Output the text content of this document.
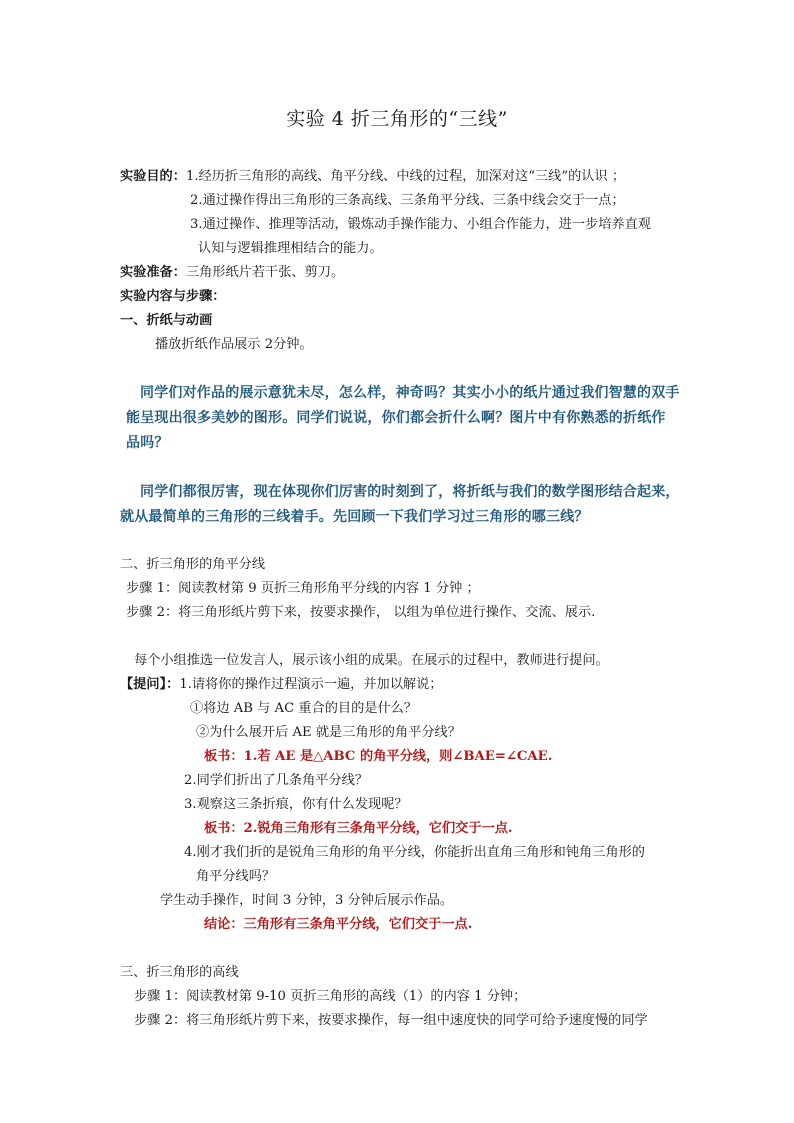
实验 4 折三角形的“三线”

实验目的：1.经历折三角形的高线、角平分线、中线的过程，加深对这“三线”的认识 ；

2.通过操作得出三角形的三条高线、三条角平分线、三条中线会交于一点；

3.通过操作、推理等活动，锻炼动手操作能力、小组合作能力，进一步培养直观

认知与逻辑推理相结合的能力。

实验准备：三角形纸片若干张、剪刀。

实验内容与步骤：

一、折纸与动画

播放折纸作品展示 2分钟。

同学们对作品的展示意犹未尽，怎么样，神奇吗？其实小小的纸片通过我们智慧的双手

能呈现出很多美妙的图形。同学们说说，你们都会折什么啊？图片中有你熟悉的折纸作

品吗？

同学们都很厉害，现在体现你们厉害的时刻到了，将折纸与我们的数学图形结合起来，

就从最简单的三角形的三线着手。先回顾一下我们学习过三角形的哪三线？

二、折三角形的角平分线

步骤 1：阅读教材第 9 页折三角形角平分线的内容 1 分钟 ；

步骤 2：将三角形纸片剪下来，按要求操作， 以组为单位进行操作、交流、展示.

每个小组推选一位发言人，展示该小组的成果。在展示的过程中，教师进行提问。

【提问】：1.请将你的操作过程演示一遍，并加以解说；

①将边 AB 与 AC 重合的目的是什么？

②为什么展开后 AE 就是三角形的角平分线？

板书：1.若 AE 是△ABC 的角平分线，则∠BAE=∠CAE.

2.同学们折出了几条角平分线？

3.观察这三条折痕，你有什么发现呢？

板书：2.锐角三角形有三条角平分线，它们交于一点.

4.刚才我们折的是锐角三角形的角平分线，你能折出直角三角形和钝角三角形的

角平分线吗？

学生动手操作，时间 3 分钟，3 分钟后展示作品。

结论：三角形有三条角平分线，它们交于一点.

三、折三角形的高线

步骤 1：阅读教材第 9-10 页折三角形的高线（1）的内容 1 分钟；

步骤 2：将三角形纸片剪下来，按要求操作，每一组中速度快的同学可给予速度慢的同学
